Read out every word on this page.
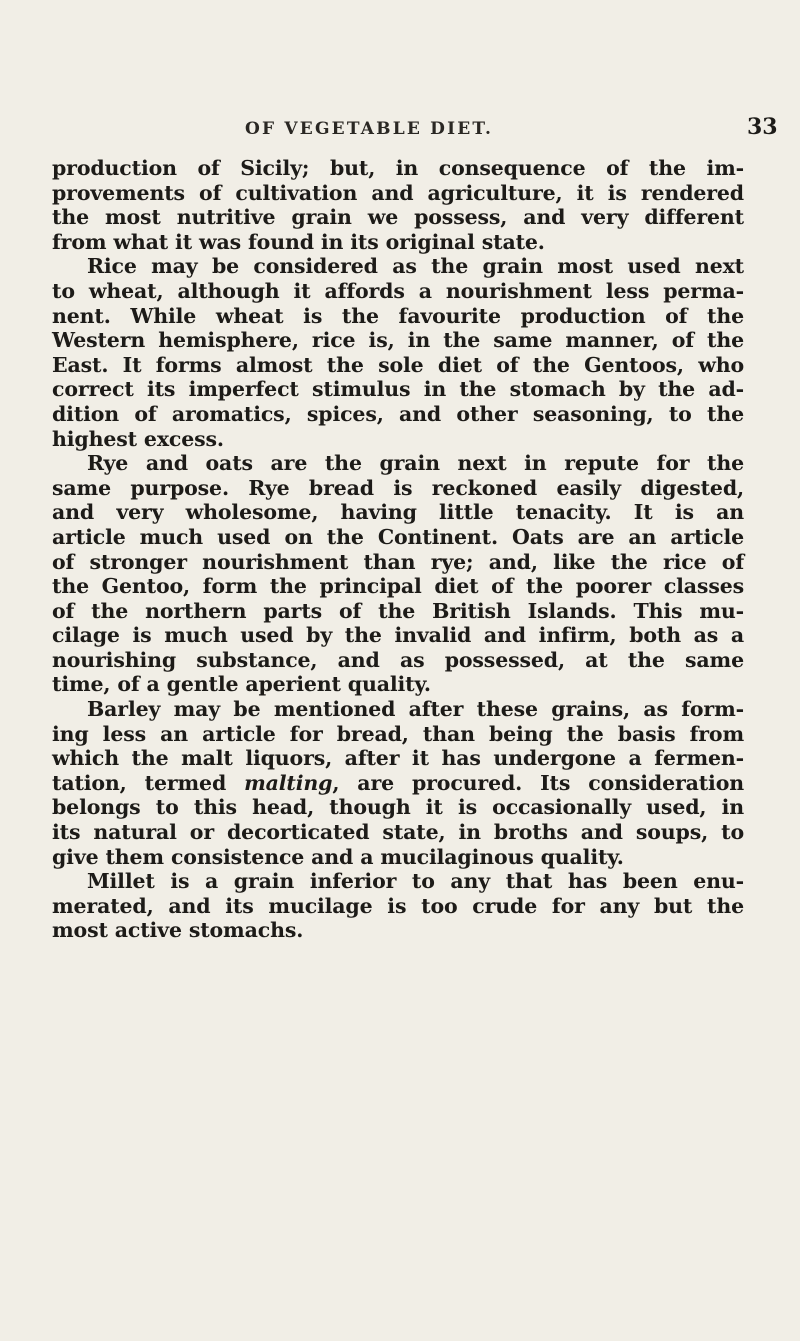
OF VEGETABLE DIET.	33
production of Sicily; but, in consequence of the im-
provements of cultivation and agriculture, it is rendered
the most nutritive grain we possess, and very different
from what it was found in its original state.
Rice may be considered as the grain most used next
to wheat, although it affords a nourishment less perma-
nent. While wheat is the favourite production of the
Western hemisphere, rice is, in the same manner, of the
East. It forms almost the sole diet of the Gentoos, who
correct its imperfect stimulus in the stomach by the ad-
dition of aromatics, spices, and other seasoning, to the
highest excess.
Rye and oats are the grain next in repute for the
same purpose. Rye bread is reckoned easily digested,
and very wholesome, having little tenacity. It is an
article much used on the Continent. Oats are an article
of stronger nourishment than rye; and, like the rice of
the Gentoo, form the principal diet of the poorer classes
of the northern parts of the British Islands. This mu-
cilage is much used by the invalid and infirm, both as a
nourishing substance, and as possessed, at the same
time, of a gentle aperient quality.
Barley may be mentioned after these grains, as form-
ing less an article for bread, than being the basis from
which the malt liquors, after it has undergone a fermen-
tation, termed malting, are procured. Its consideration
belongs to this head, though it is occasionally used, in
its natural or decorticated state, in broths and soups, to
give them consistence and a mucilaginous quality.
Millet is a grain inferior to any that has been enu-
merated, and its mucilage is too crude for any but the
most active stomachs.
